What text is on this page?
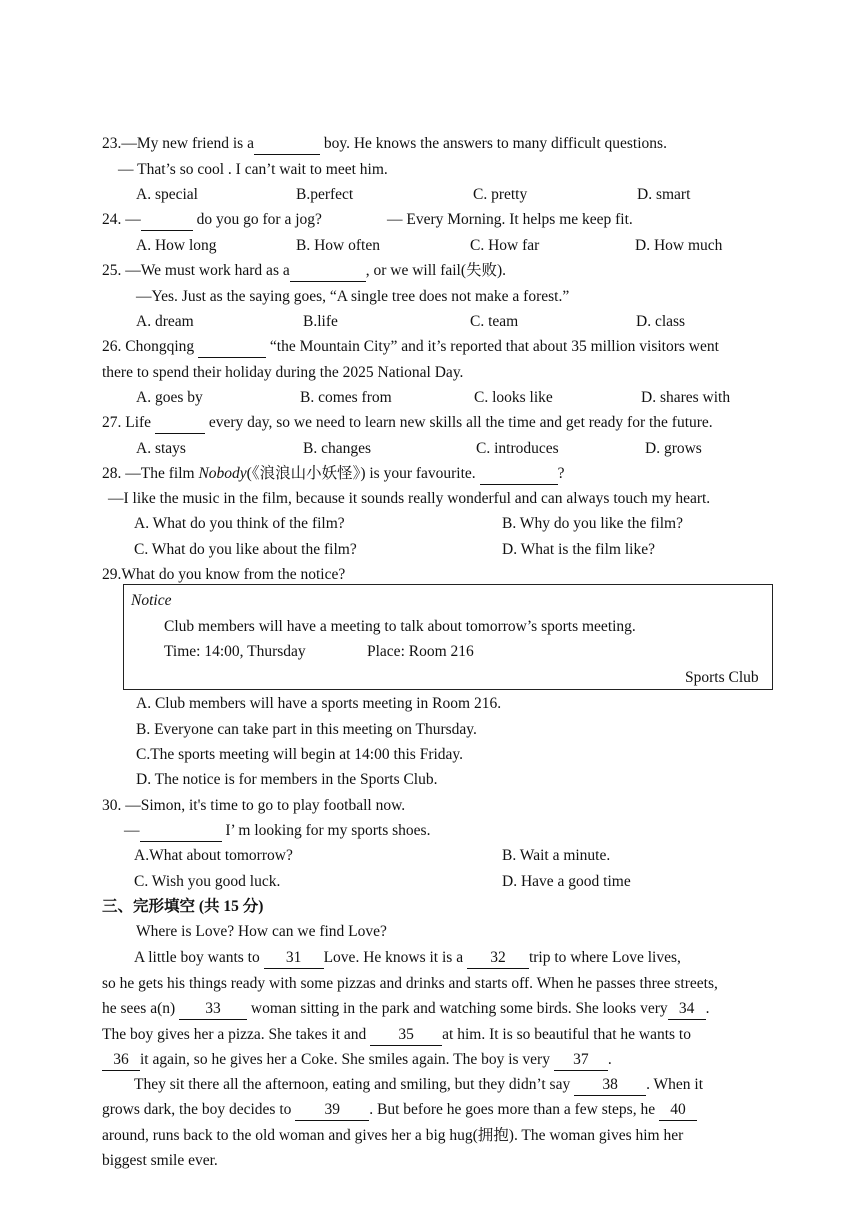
23.—My new friend is a	boy. He knows the answers to many difficult questions.
— That’s so cool . I can’t wait to meet him.
A. special	B.perfect	C. pretty	D. smart
24. —	do you go for a jog?	— Every Morning. It helps me keep fit.
A. How long	B. How often	C. How far	D. How much
25. —We must work hard as a	, or we will fail(失败).
—Yes. Just as the saying goes, “A single tree does not make a forest.”
A. dream	B.life	C. team	D. class
26. Chongqing	“the Mountain City” and it’s reported that about 35 million visitors went
there to spend their holiday during the 2025 National Day.
A. goes by	B. comes from	C. looks like	D. shares with
27. Life	every day, so we need to learn new skills all the time and get ready for the future.
A. stays	B. changes	C. introduces	D. grows
28. —The film Nobody(《浪浪山小妖怪》) is your favourite.	?
—I like the music in the film, because it sounds really wonderful and can always touch my heart.
A. What do you think of the film?	B. Why do you like the film?
C. What do you like about the film?	D. What is the film like?
29.What do you know from the notice?
Notice
Club members will have a meeting to talk about tomorrow’s sports meeting.
Time: 14:00, Thursday	Place: Room 216
Sports Club
A. Club members will have a sports meeting in Room 216.
B. Everyone can take part in this meeting on Thursday.
C.The sports meeting will begin at 14:00 this Friday.
D. The notice is for members in the Sports Club.
30. —Simon, it's time to go to play football now.
—	I’ m looking for my sports shoes.
A.What about tomorrow?	B. Wait a minute.
C. Wish you good luck.	D. Have a good time
三、完形填空 (共 15 分)
Where is Love? How can we find Love?
A little boy wants to 31 Love. He knows it is a 32 trip to where Love lives,
so he gets his things ready with some pizzas and drinks and starts off. When he passes three streets,
he sees a(n) 33 woman sitting in the park and watching some birds. She looks very 34 .
The boy gives her a pizza. She takes it and 35 at him. It is so beautiful that he wants to
36 it again, so he gives her a Coke. She smiles again. The boy is very 37 .
They sit there all the afternoon, eating and smiling, but they didn’t say 38 . When it
grows dark, the boy decides to 39 . But before he goes more than a few steps, he 40
around, runs back to the old woman and gives her a big hug(拥抱). The woman gives him her
biggest smile ever.
